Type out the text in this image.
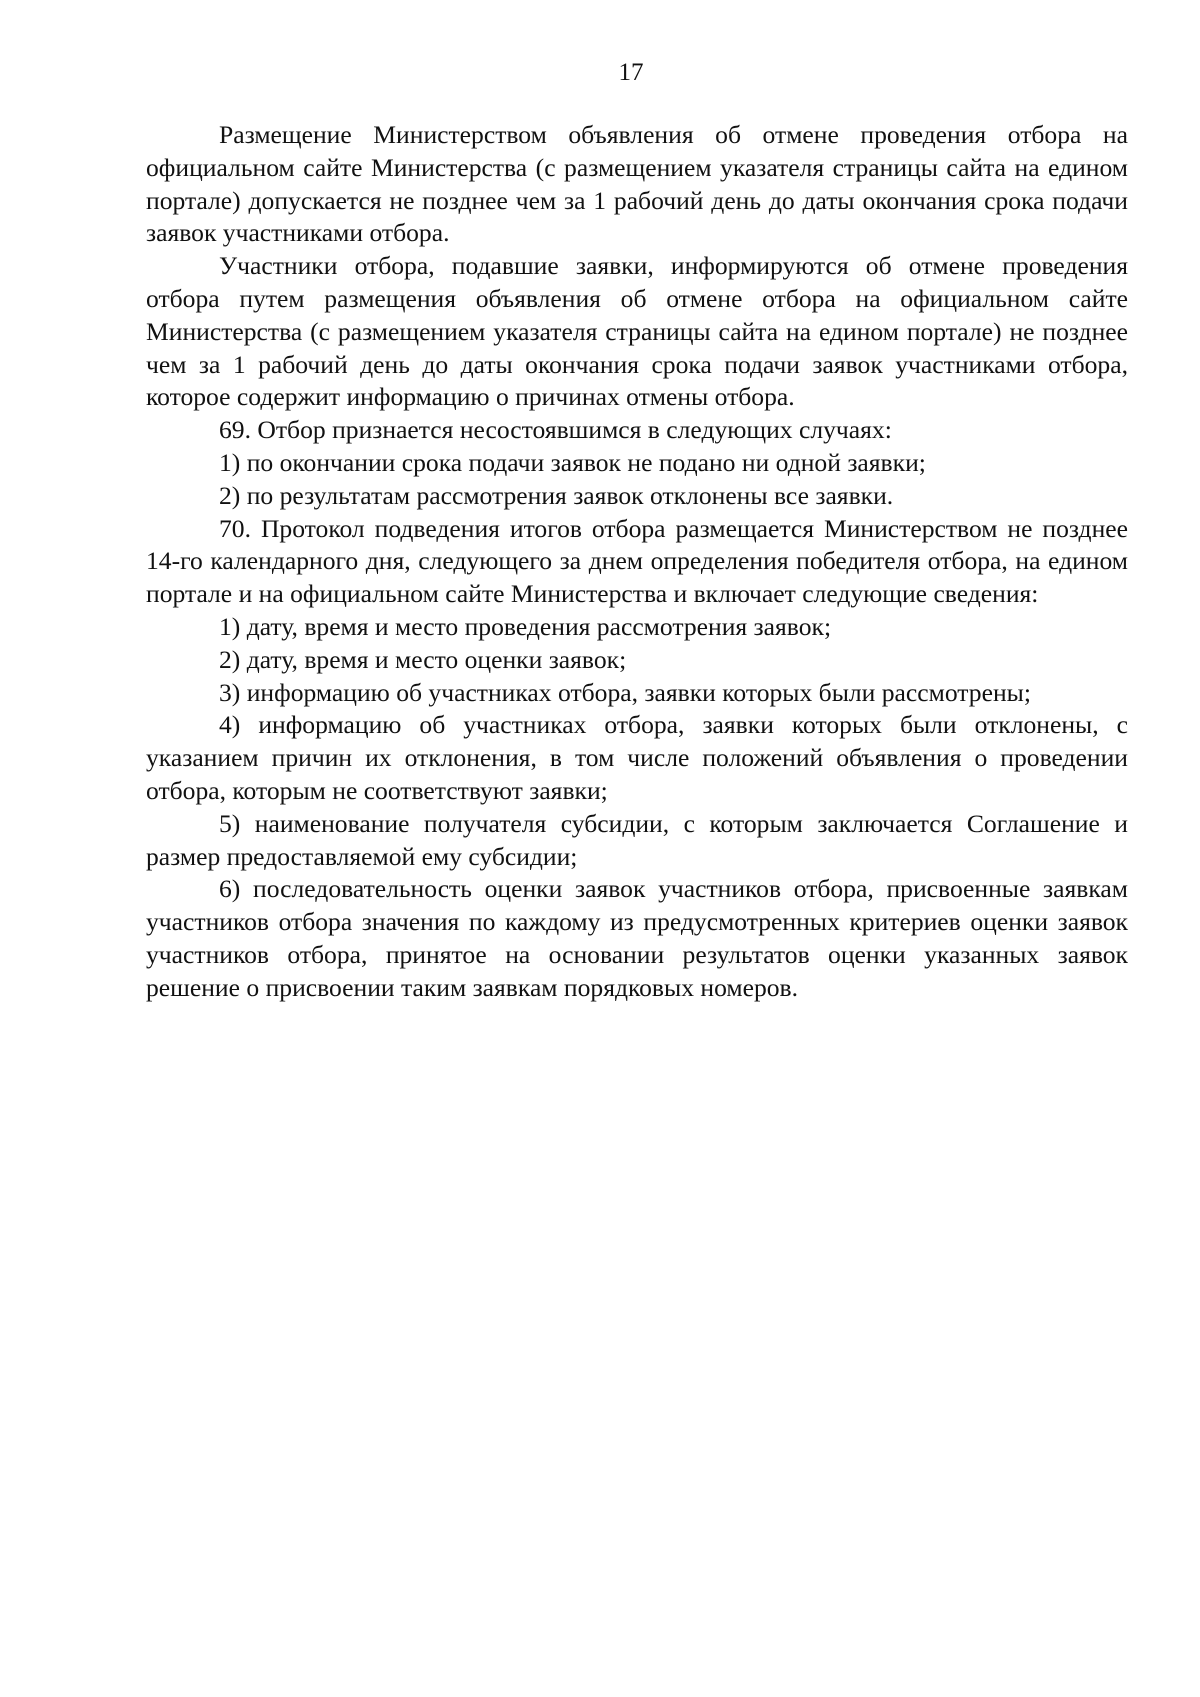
17

Размещение Министерством объявления об отмене проведения отбора на официальном сайте Министерства (с размещением указателя страницы сайта на едином портале) допускается не позднее чем за 1 рабочий день до даты окончания срока подачи заявок участниками отбора.

Участники отбора, подавшие заявки, информируются об отмене проведения отбора путем размещения объявления об отмене отбора на официальном сайте Министерства (с размещением указателя страницы сайта на едином портале) не позднее чем за 1 рабочий день до даты окончания срока подачи заявок участниками отбора, которое содержит информацию о причинах отмены отбора.

69. Отбор признается несостоявшимся в следующих случаях:

1) по окончании срока подачи заявок не подано ни одной заявки;

2) по результатам рассмотрения заявок отклонены все заявки.

70. Протокол подведения итогов отбора размещается Министерством не позднее 14-го календарного дня, следующего за днем определения победителя отбора, на едином портале и на официальном сайте Министерства и включает следующие сведения:

1) дату, время и место проведения рассмотрения заявок;

2) дату, время и место оценки заявок;

3) информацию об участниках отбора, заявки которых были рассмотрены;

4) информацию об участниках отбора, заявки которых были отклонены, с указанием причин их отклонения, в том числе положений объявления о проведении отбора, которым не соответствуют заявки;

5) наименование получателя субсидии, с которым заключается Соглашение и размер предоставляемой ему субсидии;

6) последовательность оценки заявок участников отбора, присвоенные заявкам участников отбора значения по каждому из предусмотренных критериев оценки заявок участников отбора, принятое на основании результатов оценки указанных заявок решение о присвоении таким заявкам порядковых номеров.
